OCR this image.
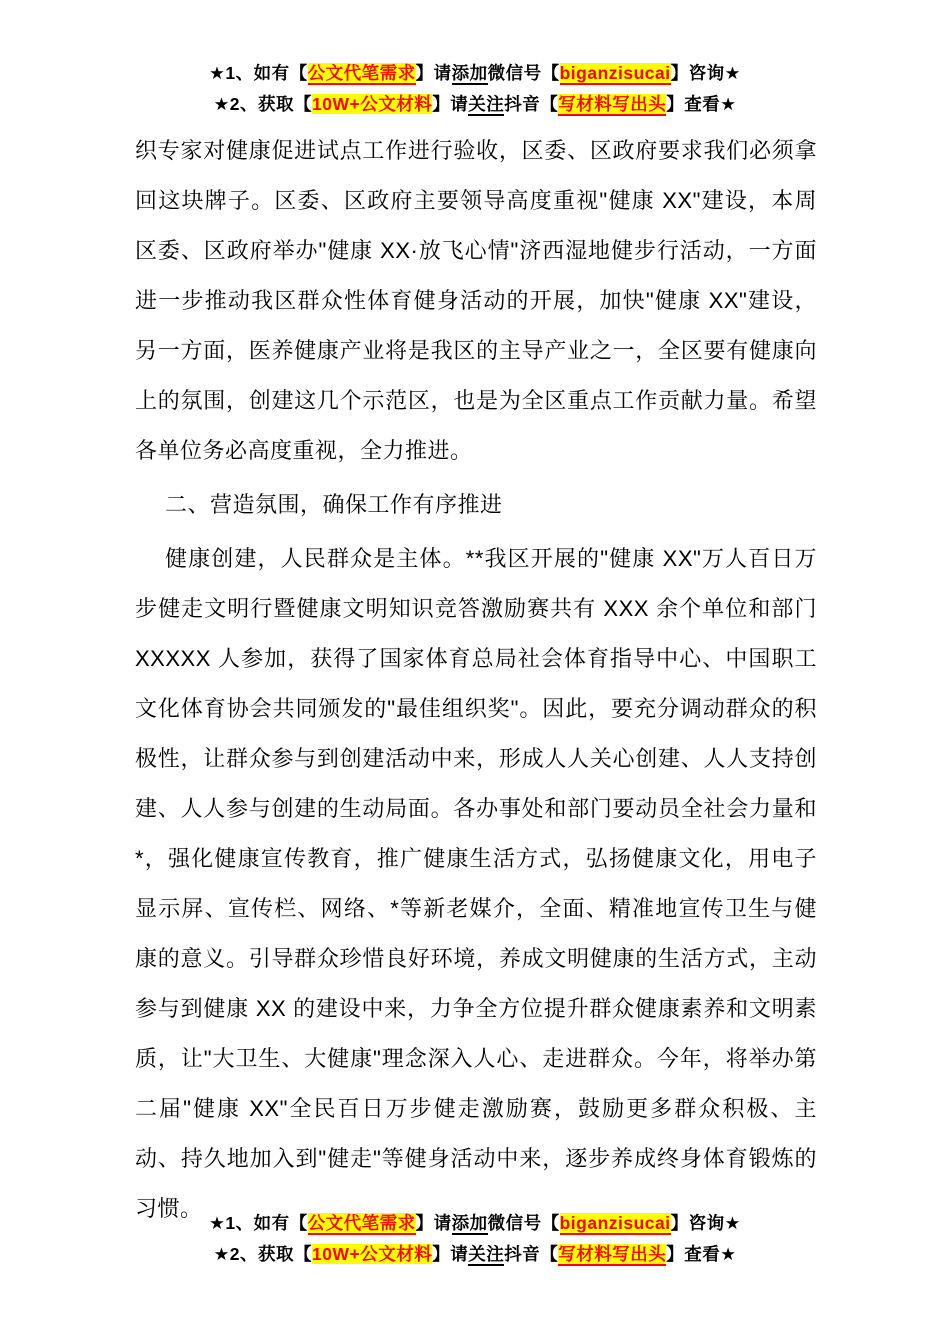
★1、如有【公文代笔需求】请添加微信号【biganzisucai】咨询★
★2、获取【10W+公文材料】请关注抖音【写材料写出头】查看★
织专家对健康促进试点工作进行验收，区委、区政府要求我们必须拿回这块牌子。区委、区政府主要领导高度重视"健康 XX"建设，本周区委、区政府举办"健康 XX·放飞心情"济西湿地健步行活动，一方面进一步推动我区群众性体育健身活动的开展，加快"健康 XX"建设，另一方面，医养健康产业将是我区的主导产业之一，全区要有健康向上的氛围，创建这几个示范区，也是为全区重点工作贡献力量。希望各单位务必高度重视，全力推进。
二、营造氛围，确保工作有序推进
健康创建，人民群众是主体。**我区开展的"健康 XX"万人百日万步健走文明行暨健康文明知识竞答激励赛共有 XXX 余个单位和部门 XXXXX 人参加，获得了国家体育总局社会体育指导中心、中国职工文化体育协会共同颁发的"最佳组织奖"。因此，要充分调动群众的积极性，让群众参与到创建活动中来，形成人人关心创建、人人支持创建、人人参与创建的生动局面。各办事处和部门要动员全社会力量和*，强化健康宣传教育，推广健康生活方式，弘扬健康文化，用电子显示屏、宣传栏、网络、*等新老媒介，全面、精准地宣传卫生与健康的意义。引导群众珍惜良好环境，养成文明健康的生活方式，主动参与到健康 XX 的建设中来，力争全方位提升群众健康素养和文明素质，让"大卫生、大健康"理念深入人心、走进群众。今年，将举办第二届"健康 XX"全民百日万步健走激励赛，鼓励更多群众积极、主动、持久地加入到"健走"等健身活动中来，逐步养成终身体育锻炼的习惯。
★1、如有【公文代笔需求】请添加微信号【biganzisucai】咨询★
★2、获取【10W+公文材料】请关注抖音【写材料写出头】查看★
